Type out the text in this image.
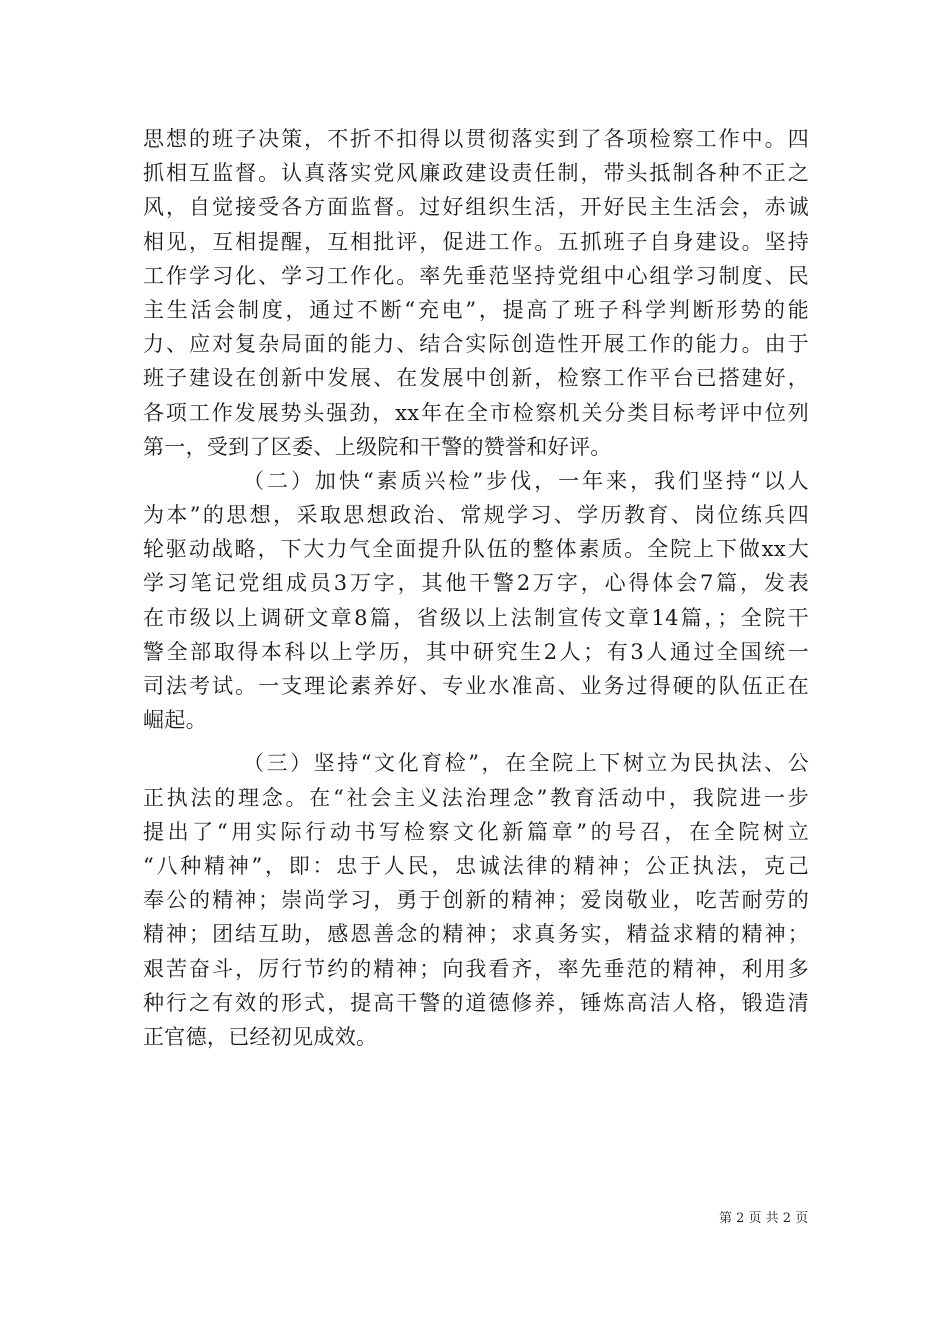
思想的班子决策，不折不扣得以贯彻落实到了各项检察工作中。四
抓相互监督。认真落实党风廉政建设责任制，带头抵制各种不正之
风，自觉接受各方面监督。过好组织生活，开好民主生活会，赤诚
相见，互相提醒，互相批评，促进工作。五抓班子自身建设。坚持
工作学习化、学习工作化。率先垂范坚持党组中心组学习制度、民
主生活会制度，通过不断“充电”，提高了班子科学判断形势的能
力、应对复杂局面的能力、结合实际创造性开展工作的能力。由于
班子建设在创新中发展、在发展中创新，检察工作平台已搭建好，
各项工作发展势头强劲，xx年在全市检察机关分类目标考评中位列
第一，受到了区委、上级院和干警的赞誉和好评。
（二）加快“素质兴检”步伐，一年来，我们坚持“以人
为本”的思想，采取思想政治、常规学习、学历教育、岗位练兵四
轮驱动战略，下大力气全面提升队伍的整体素质。全院上下做xx大
学习笔记党组成员3万字，其他干警2万字，心得体会7篇，发表
在市级以上调研文章8篇，省级以上法制宣传文章14篇，；全院干
警全部取得本科以上学历，其中研究生2人；有3人通过全国统一
司法考试。一支理论素养好、专业水准高、业务过得硬的队伍正在
崛起。
（三）坚持“文化育检”，在全院上下树立为民执法、公
正执法的理念。在“社会主义法治理念”教育活动中，我院进一步
提出了“用实际行动书写检察文化新篇章”的号召，在全院树立
“八种精神”，即：忠于人民，忠诚法律的精神；公正执法，克己
奉公的精神；崇尚学习，勇于创新的精神；爱岗敬业，吃苦耐劳的
精神；团结互助，感恩善念的精神；求真务实，精益求精的精神；
艰苦奋斗，厉行节约的精神；向我看齐，率先垂范的精神，利用多
种行之有效的形式，提高干警的道德修养，锤炼高洁人格，锻造清
正官德，已经初见成效。
第 2 页 共 2 页
